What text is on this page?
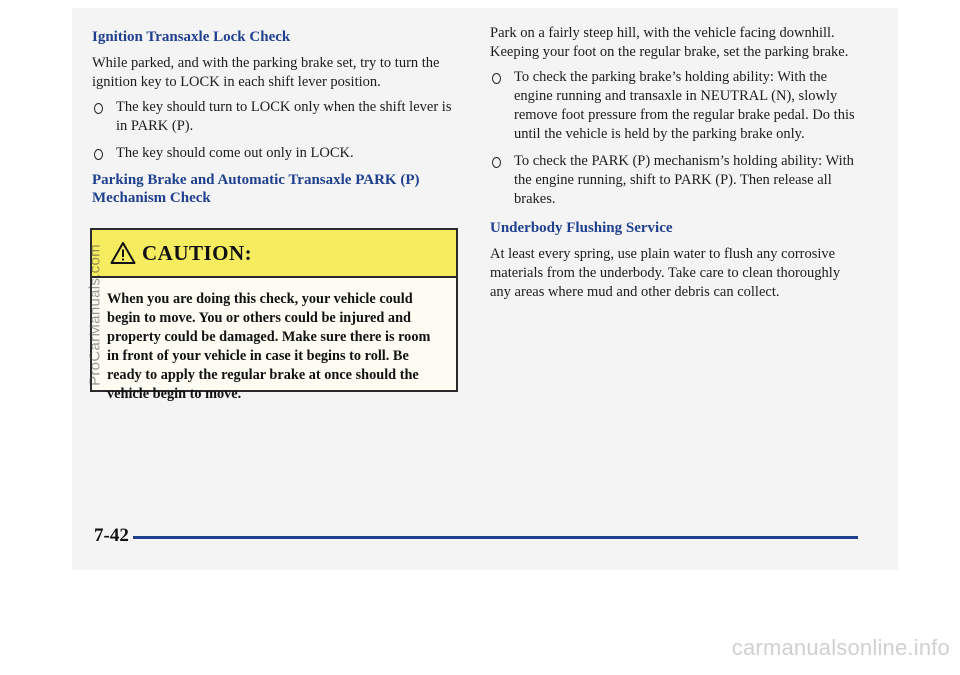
Ignition Transaxle Lock Check
While parked, and with the parking brake set, try to turn the ignition key to LOCK in each shift lever position.
The key should turn to LOCK only when the shift lever is in PARK (P).
The key should come out only in LOCK.
Parking Brake and Automatic Transaxle PARK (P) Mechanism Check
CAUTION:
When you are doing this check, your vehicle could begin to move. You or others could be injured and property could be damaged. Make sure there is room in front of your vehicle in case it begins to roll. Be ready to apply the regular brake at once should the vehicle begin to move.
Park on a fairly steep hill, with the vehicle facing downhill. Keeping your foot on the regular brake, set the parking brake.
To check the parking brake’s holding ability: With the engine running and transaxle in NEUTRAL (N), slowly remove foot pressure from the regular brake pedal. Do this until the vehicle is held by the parking brake only.
To check the PARK (P) mechanism’s holding ability: With the engine running, shift to PARK (P). Then release all brakes.
Underbody Flushing Service
At least every spring, use plain water to flush any corrosive materials from the underbody. Take care to clean thoroughly any areas where mud and other debris can collect.
7-42
ProCarManuals.com
carmanualsonline.info
